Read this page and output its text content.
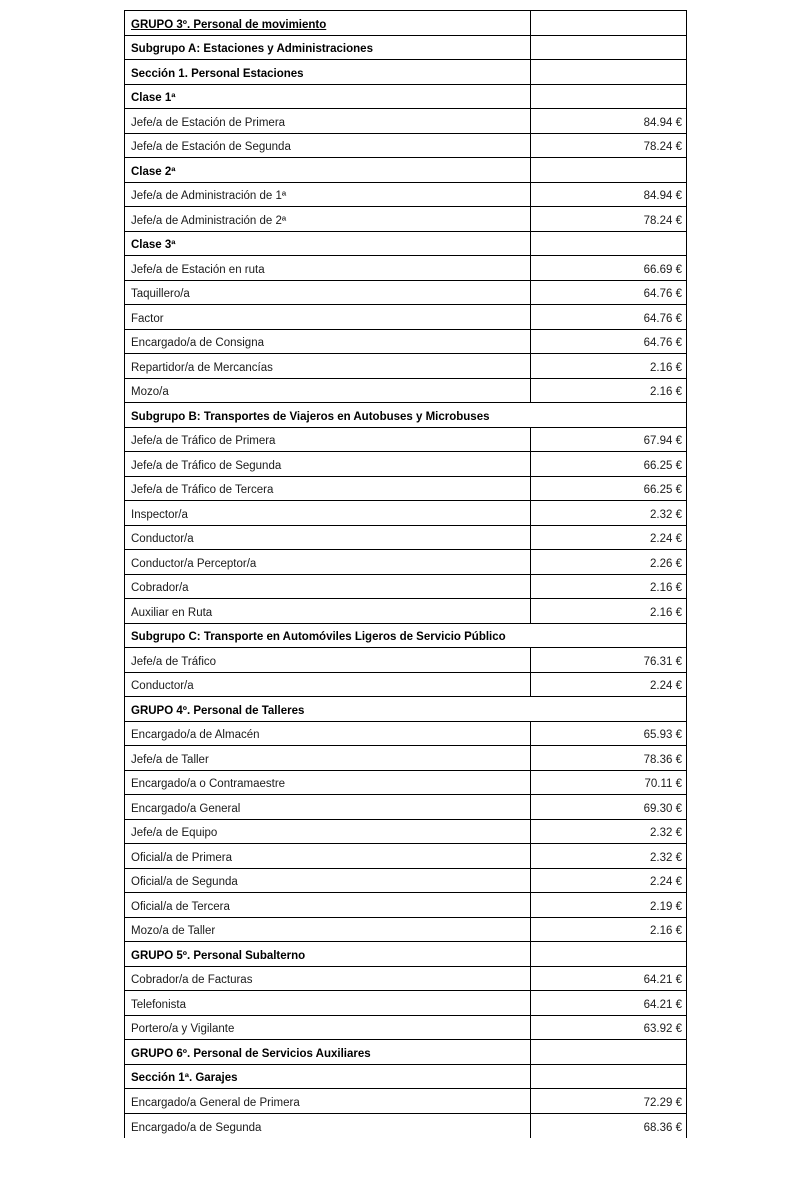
GRUPO 3º. Personal de movimiento	
Subgrupo A: Estaciones y Administraciones	
Sección 1. Personal Estaciones	
Clase 1ª	
Jefe/a de Estación de Primera	84.94 €
Jefe/a de Estación de Segunda	78.24 €
Clase 2ª	
Jefe/a de Administración de 1ª	84.94 €
Jefe/a de Administración de 2ª	78.24 €
Clase 3ª	
Jefe/a de Estación en ruta	66.69 €
Taquillero/a	64.76 €
Factor	64.76 €
Encargado/a de Consigna	64.76 €
Repartidor/a de Mercancías	2.16 €
Mozo/a	2.16 €
Subgrupo B: Transportes de Viajeros en Autobuses y Microbuses	
Jefe/a de Tráfico de Primera	67.94 €
Jefe/a de Tráfico de Segunda	66.25 €
Jefe/a de Tráfico de Tercera	66.25 €
Inspector/a	2.32 €
Conductor/a	2.24 €
Conductor/a Perceptor/a	2.26 €
Cobrador/a	2.16 €
Auxiliar en Ruta	2.16 €
Subgrupo C: Transporte en Automóviles Ligeros de Servicio Público	
Jefe/a de Tráfico	76.31 €
Conductor/a	2.24 €
GRUPO 4º. Personal de Talleres	
Encargado/a de Almacén	65.93 €
Jefe/a de Taller	78.36 €
Encargado/a o Contramaestre	70.11 €
Encargado/a General	69.30 €
Jefe/a de Equipo	2.32 €
Oficial/a de Primera	2.32 €
Oficial/a de Segunda	2.24 €
Oficial/a de Tercera	2.19 €
Mozo/a de Taller	2.16 €
GRUPO 5º. Personal Subalterno	
Cobrador/a de Facturas	64.21 €
Telefonista	64.21 €
Portero/a y Vigilante	63.92 €
GRUPO 6º. Personal de Servicios Auxiliares	
Sección 1ª. Garajes	
Encargado/a General de Primera	72.29 €
Encargado/a de Segunda	68.36 €
